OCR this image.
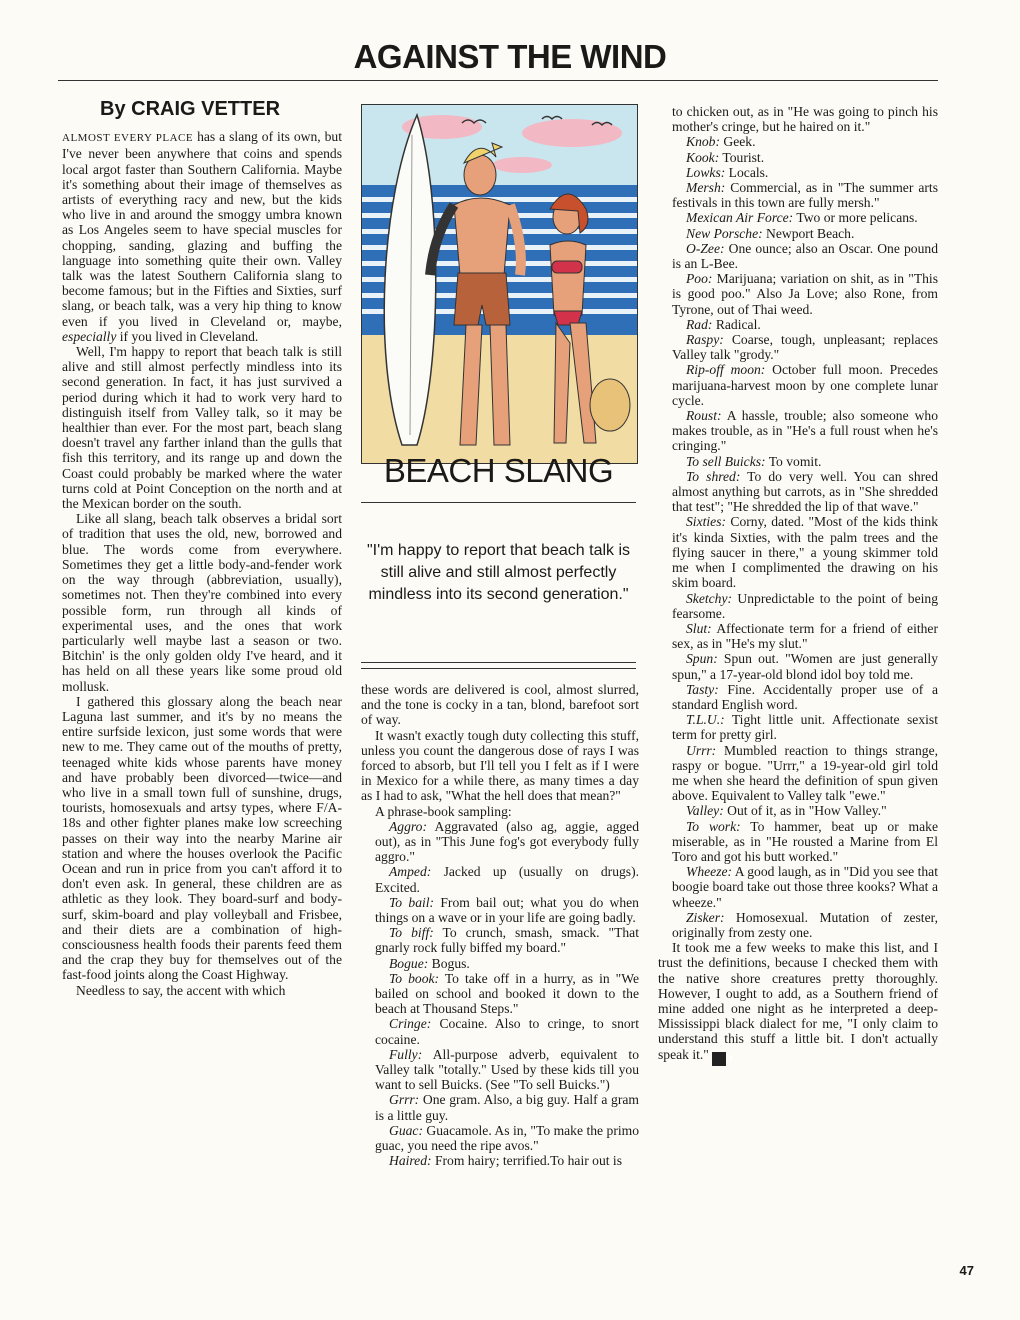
AGAINST THE WIND
By CRAIG VETTER

ALMOST EVERY PLACE has a slang of its own, but I've never been anywhere that coins and spends local argot faster than Southern California. Maybe it's something about their image of themselves as artists of everything racy and new, but the kids who live in and around the smoggy umbra known as Los Angeles seem to have special muscles for chopping, sanding, glazing and buffing the language into something quite their own. Valley talk was the latest Southern California slang to become famous; but in the Fifties and Sixties, surf slang, or beach talk, was a very hip thing to know even if you lived in Cleveland or, maybe, especially if you lived in Cleveland.

Well, I'm happy to report that beach talk is still alive and still almost perfectly mindless into its second generation. In fact, it has just survived a period during which it had to work very hard to distinguish itself from Valley talk, so it may be healthier than ever. For the most part, beach slang doesn't travel any farther inland than the gulls that fish this territory, and its range up and down the Coast could probably be marked where the water turns cold at Point Conception on the north and at the Mexican border on the south.

Like all slang, beach talk observes a bridal sort of tradition that uses the old, new, borrowed and blue. The words come from everywhere. Sometimes they get a little body-and-fender work on the way through (abbreviation, usually), sometimes not. Then they're combined into every possible form, run through all kinds of experimental uses, and the ones that work particularly well maybe last a season or two. Bitchin' is the only golden oldy I've heard, and it has held on all these years like some proud old mollusk.

I gathered this glossary along the beach near Laguna last summer, and it's by no means the entire surfside lexicon, just some words that were new to me. They came out of the mouths of pretty, teenaged white kids whose parents have money and have probably been divorced—twice—and who live in a small town full of sunshine, drugs, tourists, homosexuals and artsy types, where F/A-18s and other fighter planes make low screeching passes on their way into the nearby Marine air station and where the houses overlook the Pacific Ocean and run in price from you can't afford it to don't even ask. In general, these children are as athletic as they look. They board-surf and body-surf, skim-board and play volleyball and Frisbee, and their diets are a combination of high-consciousness health foods their parents feed them and the crap they buy for themselves out of the fast-food joints along the Coast Highway.

Needless to say, the accent with which

BEACH SLANG
"I'm happy to report that beach talk is still alive and still almost perfectly mindless into its second generation."

these words are delivered is cool, almost slurred, and the tone is cocky in a tan, blond, barefoot sort of way.

It wasn't exactly tough duty collecting this stuff, unless you count the dangerous dose of rays I was forced to absorb, but I'll tell you I felt as if I were in Mexico for a while there, as many times a day as I had to ask, "What the hell does that mean?"

A phrase-book sampling:

Aggro: Aggravated (also ag, aggie, agged out), as in "This June fog's got everybody fully aggro."

Amped: Jacked up (usually on drugs). Excited.

To bail: From bail out; what you do when things on a wave or in your life are going badly.

To biff: To crunch, smash, smack. "That gnarly rock fully biffed my board."

Bogue: Bogus.

To book: To take off in a hurry, as in "We bailed on school and booked it down to the beach at Thousand Steps."

Cringe: Cocaine. Also to cringe, to snort cocaine.

Fully: All-purpose adverb, equivalent to Valley talk "totally." Used by these kids till you want to sell Buicks. (See "To sell Buicks.")

Grrr: One gram. Also, a big guy. Half a gram is a little guy.

Guac: Guacamole. As in, "To make the primo guac, you need the ripe avos."

Haired: From hairy; terrified.To hair out is

to chicken out, as in "He was going to pinch his mother's cringe, but he haired on it."

Knob: Geek.

Kook: Tourist.

Lowks: Locals.

Mersh: Commercial, as in "The summer arts festivals in this town are fully mersh."

Mexican Air Force: Two or more pelicans.

New Porsche: Newport Beach.

O-Zee: One ounce; also an Oscar. One pound is an L-Bee.

Poo: Marijuana; variation on shit, as in "This is good poo." Also Ja Love; also Rone, from Tyrone, out of Thai weed.

Rad: Radical.

Raspy: Coarse, tough, unpleasant; replaces Valley talk "grody."

Rip-off moon: October full moon. Precedes marijuana-harvest moon by one complete lunar cycle.

Roust: A hassle, trouble; also someone who makes trouble, as in "He's a full roust when he's cringing."

To sell Buicks: To vomit.

To shred: To do very well. You can shred almost anything but carrots, as in "She shredded that test"; "He shredded the lip of that wave."

Sixties: Corny, dated. "Most of the kids think it's kinda Sixties, with the palm trees and the flying saucer in there," a young skimmer told me when I complimented the drawing on his skim board.

Sketchy: Unpredictable to the point of being fearsome.

Slut: Affectionate term for a friend of either sex, as in "He's my slut."

Spun: Spun out. "Women are just generally spun," a 17-year-old blond idol boy told me.

Tasty: Fine. Accidentally proper use of a standard English word.

T.L.U.: Tight little unit. Affectionate sexist term for pretty girl.

Urrr: Mumbled reaction to things strange, raspy or bogue. "Urrr," a 19-year-old girl told me when she heard the definition of spun given above. Equivalent to Valley talk "ewe."

Valley: Out of it, as in "How Valley."

To work: To hammer, beat up or make miserable, as in "He rousted a Marine from El Toro and got his butt worked."

Wheeze: A good laugh, as in "Did you see that boogie board take out those three kooks? What a wheeze."

Zisker: Homosexual. Mutation of zester, originally from zesty one.

It took me a few weeks to make this list, and I trust the definitions, because I checked them with the native shore creatures pretty thoroughly. However, I ought to add, as a Southern friend of mine added one night as he interpreted a deep-Mississippi black dialect for me, "I only claim to understand this stuff a little bit. I don't actually speak it." ✦

47
